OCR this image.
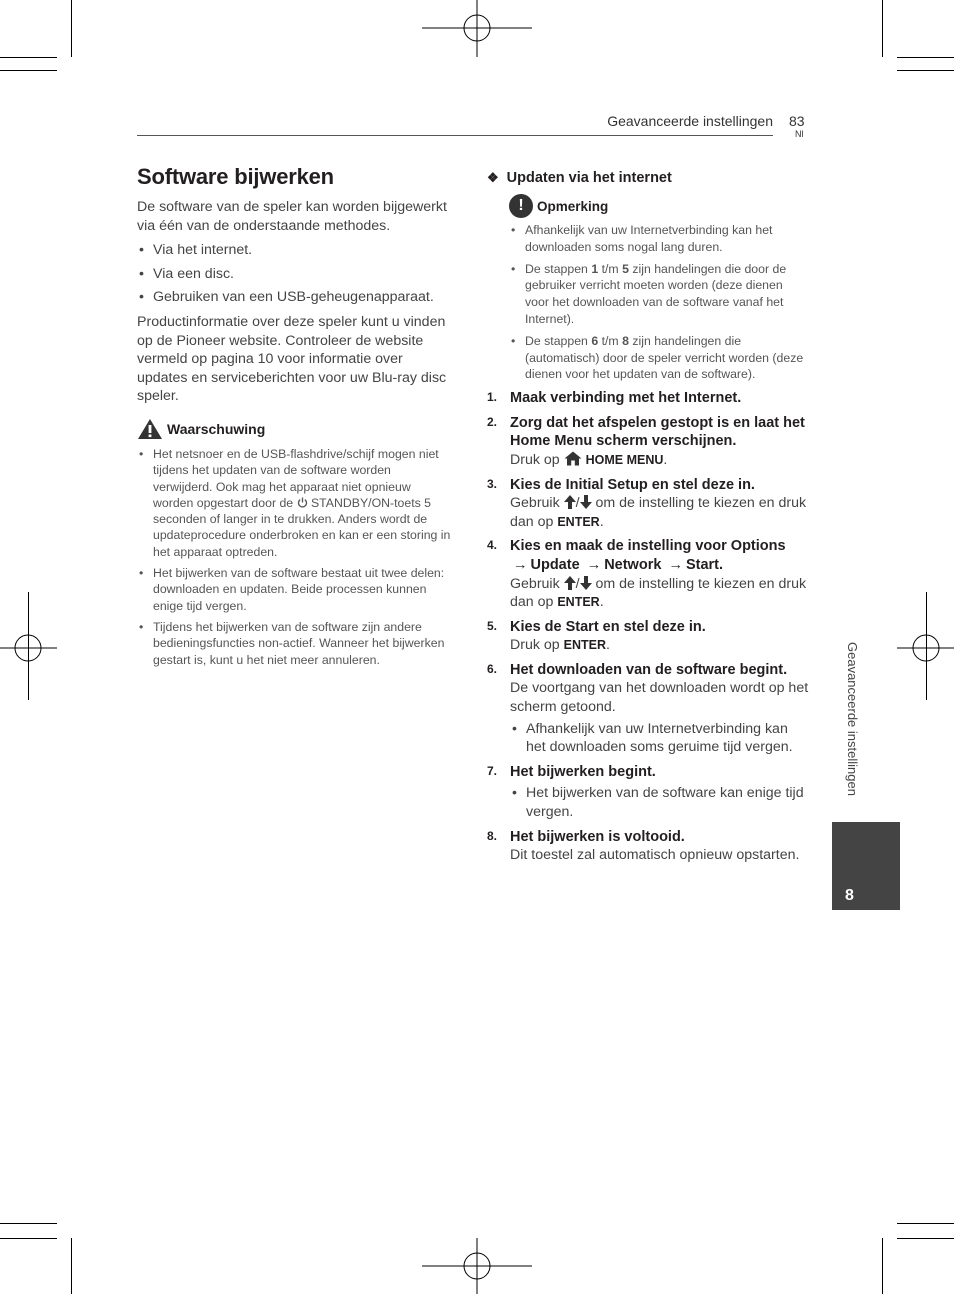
Geavanceerde instellingen 83
Nl
Software bijwerken

De software van de speler kan worden bijgewerkt via één van de onderstaande methodes.

• Via het internet.
• Via een disc.
• Gebruiken van een USB-geheugenapparaat.

Productinformatie over deze speler kunt u vinden op de Pioneer website. Controleer de website vermeld op pagina 10 voor informatie over updates en serviceberichten voor uw Blu-ray disc speler.

Waarschuwing
• Het netsnoer en de USB-flashdrive/schijf mogen niet tijdens het updaten van de software worden verwijderd. Ook mag het apparaat niet opnieuw worden opgestart door de  STANDBY/ON-toets 5 seconden of langer in te drukken. Anders wordt de updateprocedure onderbroken en kan er een storing in het apparaat optreden.
• Het bijwerken van de software bestaat uit twee delen: downloaden en updaten. Beide processen kunnen enige tijd vergen.
• Tijdens het bijwerken van de software zijn andere bedieningsfuncties non-actief. Wanneer het bijwerken gestart is, kunt u het niet meer annuleren.
❖ Updaten via het internet
! Opmerking
• Afhankelijk van uw Internetverbinding kan het downloaden soms nogal lang duren.
• De stappen 1 t/m 5 zijn handelingen die door de gebruiker verricht moeten worden (deze dienen voor het downloaden van de software vanaf het Internet).
• De stappen 6 t/m 8 zijn handelingen die (automatisch) door de speler verricht worden (deze dienen voor het updaten van de software).
1. Maak verbinding met het Internet.
2. Zorg dat het afspelen gestopt is en laat het Home Menu scherm verschijnen.
Druk op HOME MENU.
3. Kies de Initial Setup en stel deze in.
Gebruik / om de instelling te kiezen en druk dan op ENTER.
4. Kies en maak de instelling voor Options → Update → Network → Start.
Gebruik / om de instelling te kiezen en druk dan op ENTER.
5. Kies de Start en stel deze in.
Druk op ENTER.
6. Het downloaden van de software begint.
De voortgang van het downloaden wordt op het scherm getoond.
• Afhankelijk van uw Internetverbinding kan het downloaden soms geruime tijd vergen.
7. Het bijwerken begint.
• Het bijwerken van de software kan enige tijd vergen.
8. Het bijwerken is voltooid.
Dit toestel zal automatisch opnieuw opstarten.
Geavanceerde instellingen
8
